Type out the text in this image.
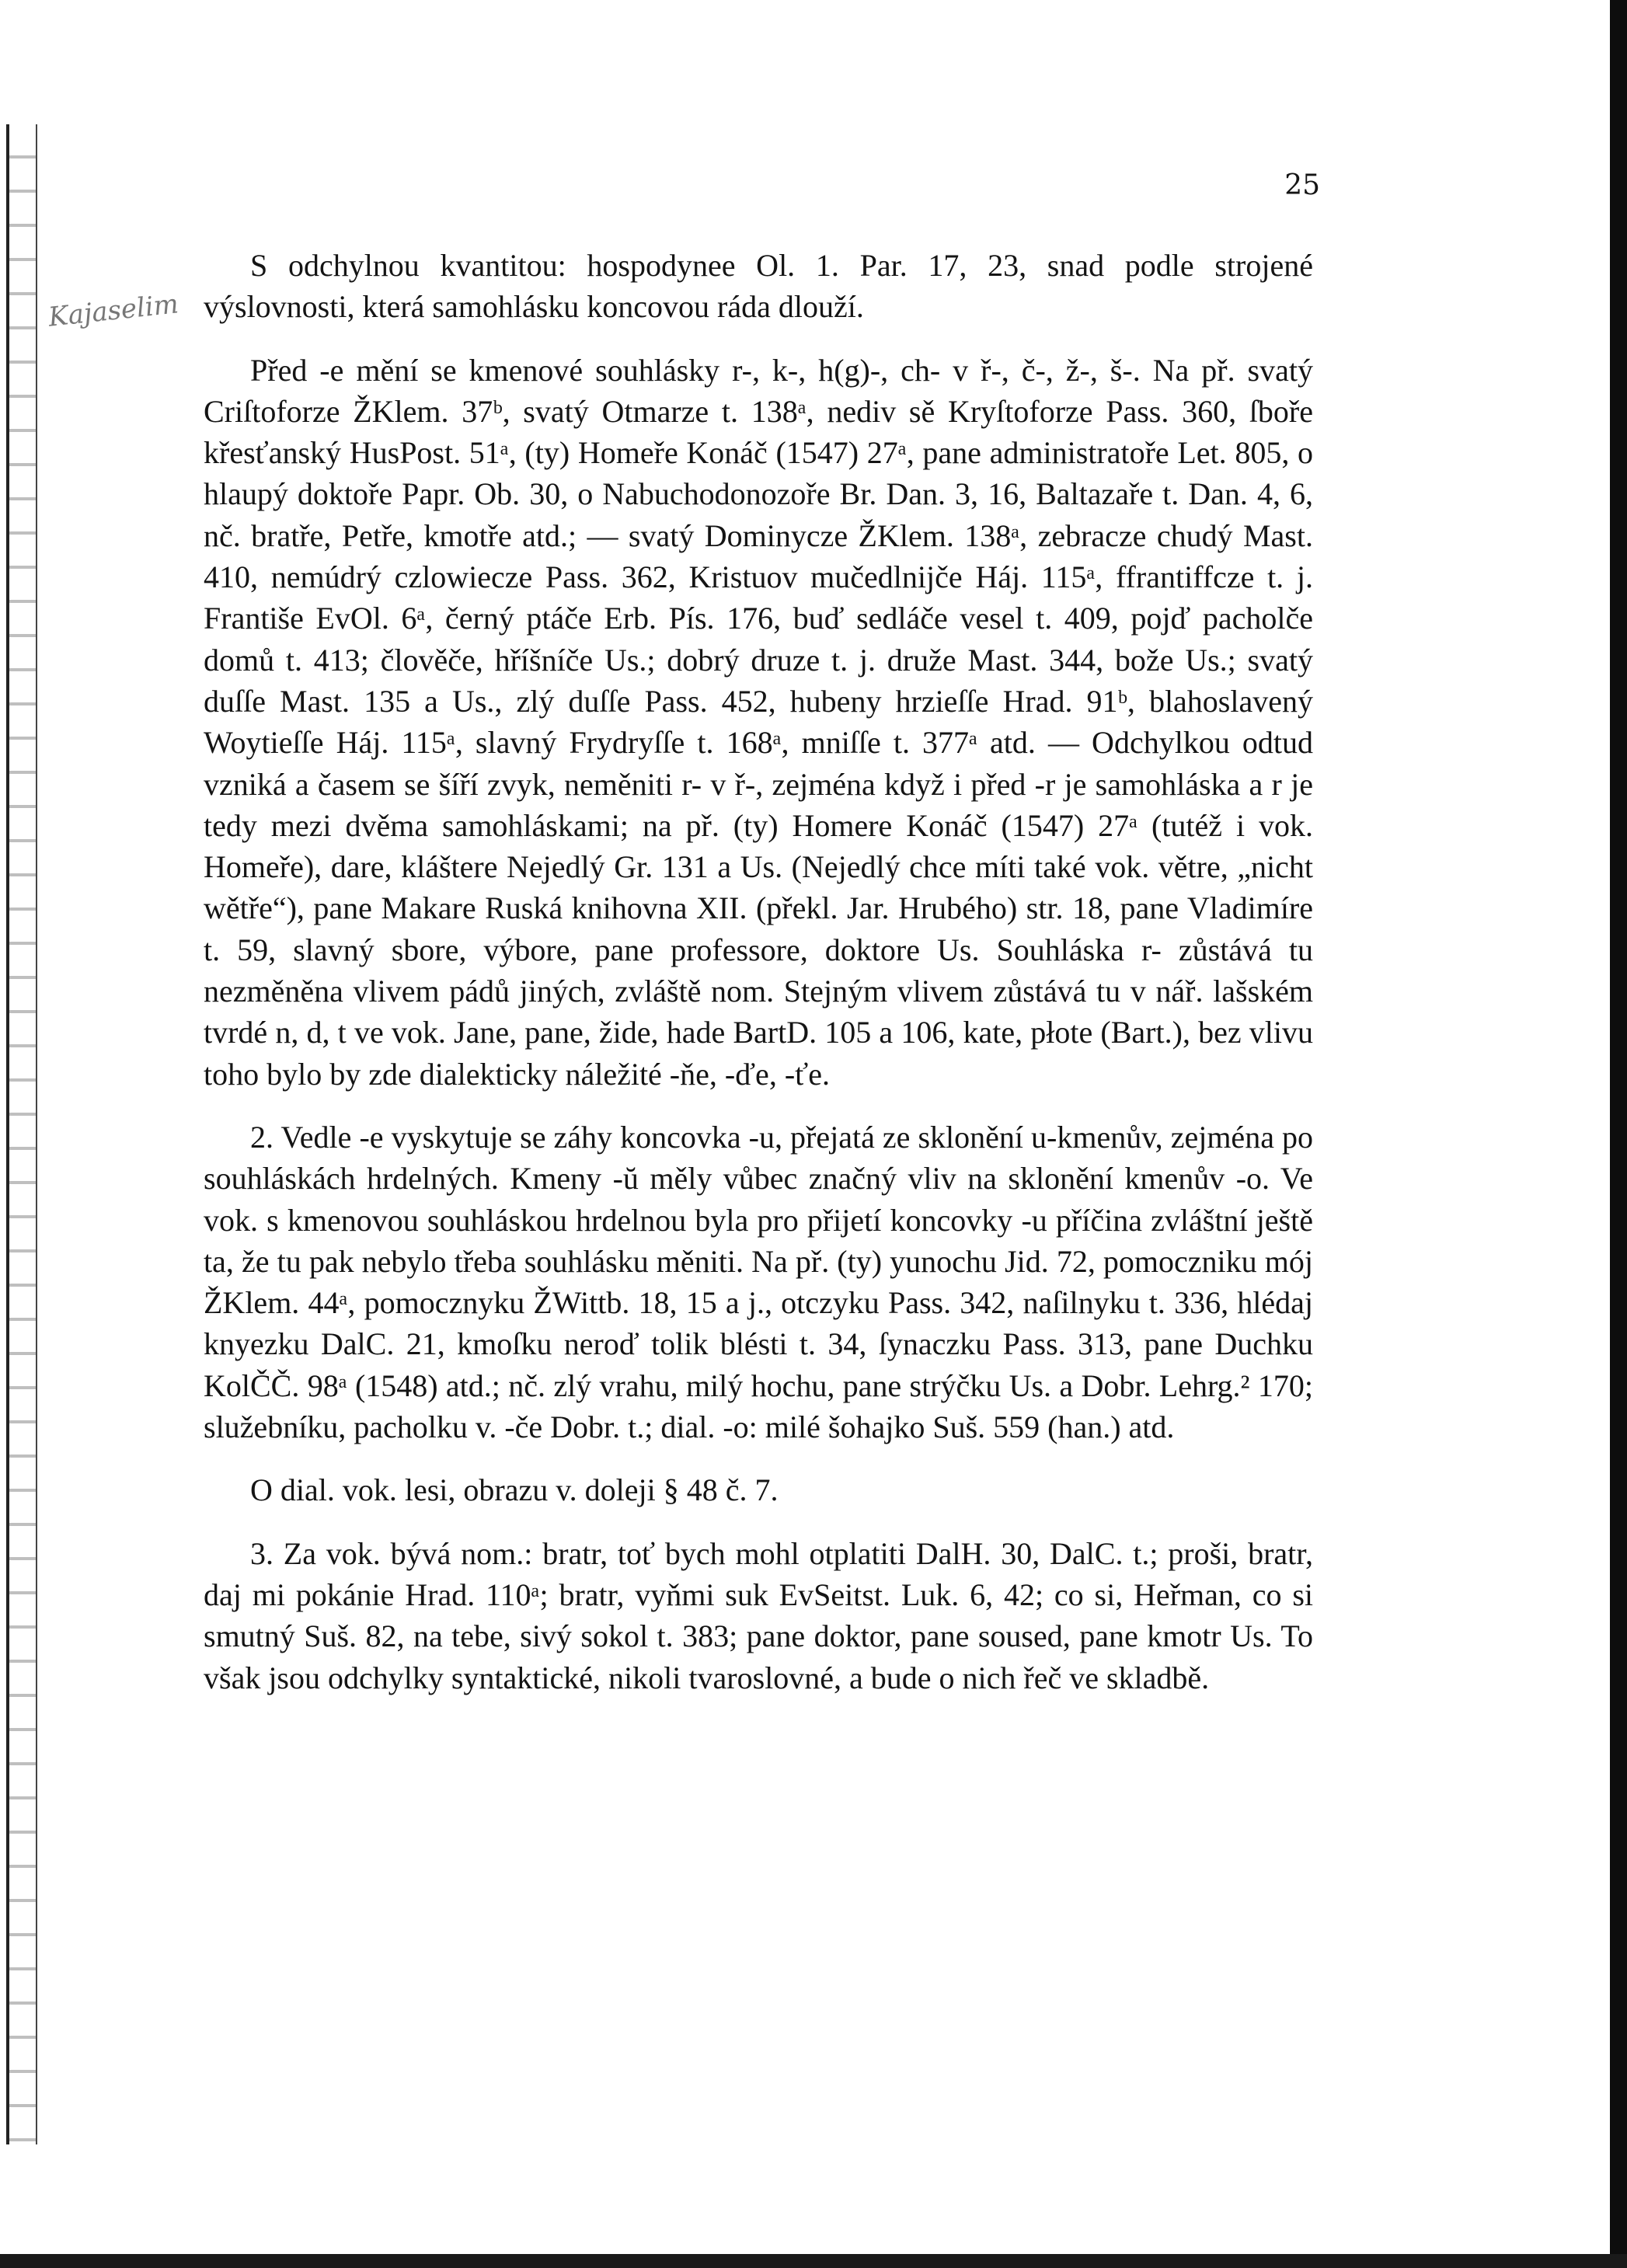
Kajaselim
25

S odchylnou kvantitou: hospodynee Ol. 1. Par. 17, 23, snad podle strojené výslovnosti, která samohlásku koncovou ráda dlouží.

Před -e mění se kmenové souhlásky r-, k-, h(g)-, ch- v ř-, č-, ž-, š-. Na př. svatý Criſtoforze ŽKlem. 37ᵇ, svatý Otmarze t. 138ᵃ, nediv sě Kryſtoforze Pass. 360, ſboře křesťanský HusPost. 51ᵃ, (ty) Homeře Konáč (1547) 27ᵃ, pane administratoře Let. 805, o hlaupý doktoře Papr. Ob. 30, o Nabuchodonozoře Br. Dan. 3, 16, Baltazaře t. Dan. 4, 6, nč. bratře, Petře, kmotře atd.; — svatý Dominycze ŽKlem. 138ᵃ, zebracze chudý Mast. 410, nemúdrý czlowiecze Pass. 362, Kristuov mučedlnijče Háj. 115ᵃ, ffrantiffcze t. j. Františe EvOl. 6ᵃ, černý ptáče Erb. Pís. 176, buď sedláče vesel t. 409, pojď pacholče domů t. 413; člověče, hříšníče Us.; dobrý druze t. j. druže Mast. 344, bože Us.; svatý duſſe Mast. 135 a Us., zlý duſſe Pass. 452, hubeny hrzieſſe Hrad. 91ᵇ, blahoslavený Woytieſſe Háj. 115ᵃ, slavný Frydryſſe t. 168ᵃ, mniſſe t. 377ᵃ atd. — Odchylkou odtud vzniká a časem se šíří zvyk, neměniti r- v ř-, zejména když i před -r je samohláska a r je tedy mezi dvěma samohláskami; na př. (ty) Homere Konáč (1547) 27ᵃ (tutéž i vok. Homeře), dare, klášterе Nejedlý Gr. 131 a Us. (Nejedlý chce míti také vok. větre, „nicht wětře“), pane Makare Ruská knihovna XII. (překl. Jar. Hrubého) str. 18, pane Vladimíre t. 59, slavný sbore, výbore, pane professore, doktore Us. Souhláska r- zůstává tu nezměněna vlivem pádů jiných, zvláště nom. Stejným vlivem zůstává tu v nář. lašském tvrdé n, d, t ve vok. Jane, pane, žide, hade BartD. 105 a 106, kate, płote (Bart.), bez vlivu toho bylo by zde dialekticky náležité -ňe, -ďe, -ťe.

2. Vedle -e vyskytuje se záhy koncovka -u, přejatá ze sklonění u-kmenův, zejména po souhláskách hrdelných. Kmeny -ŭ měly vůbec značný vliv na sklonění kmenův -o. Ve vok. s kmenovou souhláskou hrdelnou byla pro přijetí koncovky -u příčina zvláštní ještě ta, že tu pak nebylo třeba souhlásku měniti. Na př. (ty) yunochu Jid. 72, pomocznіku mój ŽKlem. 44ᵃ, pomocznyku ŽWittb. 18, 15 a j., otczyku Pass. 342, naſilnyku t. 336, hlédaj knyezku DalC. 21, kmoſku neroď tolik blésti t. 34, ſynaczku Pass. 313, pane Duchku KolČČ. 98ᵃ (1548) atd.; nč. zlý vrahu, milý hochu, pane strýčku Us. a Dobr. Lehrg.² 170; služebníku, pacholku v. -če Dobr. t.; dial. -o: milé šohajko Suš. 559 (han.) atd.

O dial. vok. lesi, obrazu v. doleji § 48 č. 7.

3. Za vok. bývá nom.: bratr, toť bych mohl otplatiti DalH. 30, DalC. t.; proši, bratr, daj mi pokánie Hrad. 110ᵃ; bratr, vyňmi suk EvSeitst. Luk. 6, 42; co si, Heřman, co si smutný Suš. 82, na tebe, sivý sokol t. 383; pane doktor, pane soused, pane kmotr Us. To však jsou odchylky syntaktické, nikoli tvaroslovné, a bude o nich řeč ve skladbě.
